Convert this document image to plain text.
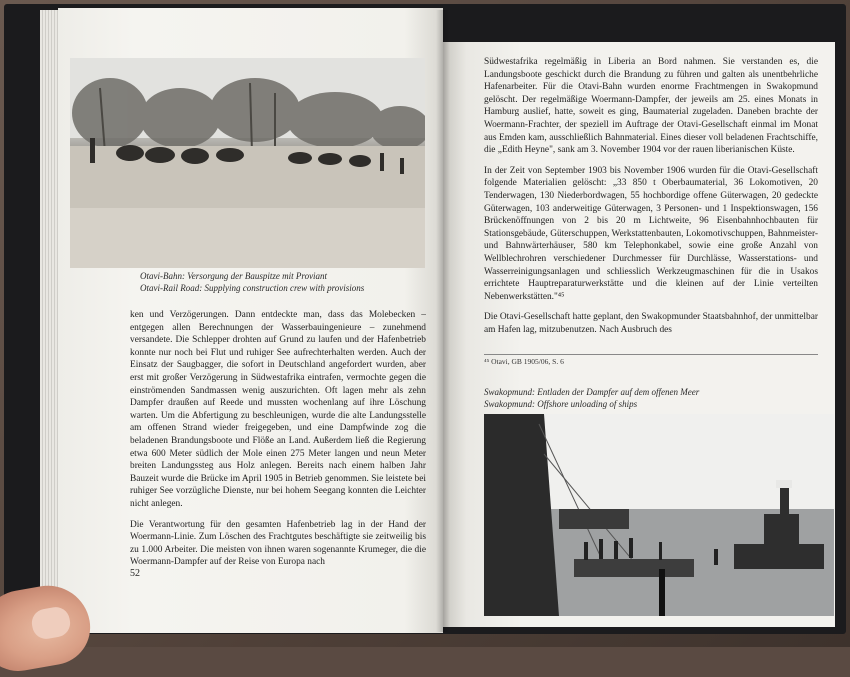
Otavi-Bahn: Versorgung der Bauspitze mit Proviant
Otavi-Rail Road: Supplying construction crew with provisions

ken und Verzögerungen. Dann entdeckte man, dass das Molebecken – entgegen allen Berechnungen der Wasserbauingenieure – zunehmend versandete. Die Schlepper drohten auf Grund zu laufen und der Hafenbetrieb konnte nur noch bei Flut und ruhiger See aufrechterhalten werden. Auch der Einsatz der Saugbagger, die sofort in Deutschland angefordert wurden, aber erst mit großer Verzögerung in Südwestafrika eintrafen, vermochte gegen die einströmenden Sandmassen wenig auszurichten. Oft lagen mehr als zehn Dampfer draußen auf Reede und mussten wochenlang auf ihre Löschung warten. Um die Abfertigung zu beschleunigen, wurde die alte Landungsstelle am offenen Strand wieder freigegeben, und eine Dampfwinde zog die beladenen Brandungsboote und Flöße an Land. Außerdem ließ die Regierung etwa 600 Meter südlich der Mole einen 275 Meter langen und neun Meter breiten Landungssteg aus Holz anlegen. Bereits nach einem halben Jahr Bauzeit wurde die Brücke im April 1905 in Betrieb genommen. Sie leistete bei ruhiger See vorzügliche Dienste, nur bei hohem Seegang konnten die Leichter nicht anlegen.

Die Verantwortung für den gesamten Hafenbetrieb lag in der Hand der Woermann-Linie. Zum Löschen des Frachtgutes beschäftigte sie zeitweilig bis zu 1.000 Arbeiter. Die meisten von ihnen waren sogenannte Krumeger, die die Woermann-Dampfer auf der Reise von Europa nach

52

Südwestafrika regelmäßig in Liberia an Bord nahmen. Sie verstanden es, die Landungsboote geschickt durch die Brandung zu führen und galten als unentbehrliche Hafenarbeiter. Für die Otavi-Bahn wurden enorme Frachtmengen in Swakopmund gelöscht. Der regelmäßige Woermann-Dampfer, der jeweils am 25. eines Monats in Hamburg auslief, hatte, soweit es ging, Baumaterial zugeladen. Daneben brachte der Woermann-Frachter, der speziell im Auftrage der Otavi-Gesellschaft einmal im Monat aus Emden kam, ausschließlich Bahnmaterial. Eines dieser voll beladenen Frachtschiffe, die „Edith Heyne", sank am 3. November 1904 vor der rauen liberianischen Küste.

In der Zeit von September 1903 bis November 1906 wurden für die Otavi-Gesellschaft folgende Materialien gelöscht: „33 850 t Oberbaumaterial, 36 Lokomotiven, 20 Tenderwagen, 130 Niederbordwagen, 55 hochbordige offene Güterwagen, 20 gedeckte Güterwagen, 103 anderweitige Güterwagen, 3 Personen- und 1 Inspektionswagen, 156 Brückenöffnungen von 2 bis 20 m Lichtweite, 96 Eisenbahnhochbauten für Stationsgebäude, Güterschuppen, Werkstattenbauten, Lokomotivschuppen, Bahnmeister- und Bahnwärterhäuser, 580 km Telephonkabel, sowie eine große Anzahl von Wellblechrohren verschiedener Durchmesser für Durchlässe, Wasserstations- und Wasserreinigungsanlagen und schliesslich Werkzeugmaschinen für die in Usakos errichtete Hauptreparaturwerkstätte und die kleinen auf der Linie verteilten Nebenwerkstätten."⁴⁵

Die Otavi-Gesellschaft hatte geplant, den Swakopmunder Staatsbahnhof, der unmittelbar am Hafen lag, mitzubenutzen. Nach Ausbruch des

⁴⁵ Otavi, GB 1905/06, S. 6
Swakopmund: Entladen der Dampfer auf dem offenen Meer
Swakopmund: Offshore unloading of ships
